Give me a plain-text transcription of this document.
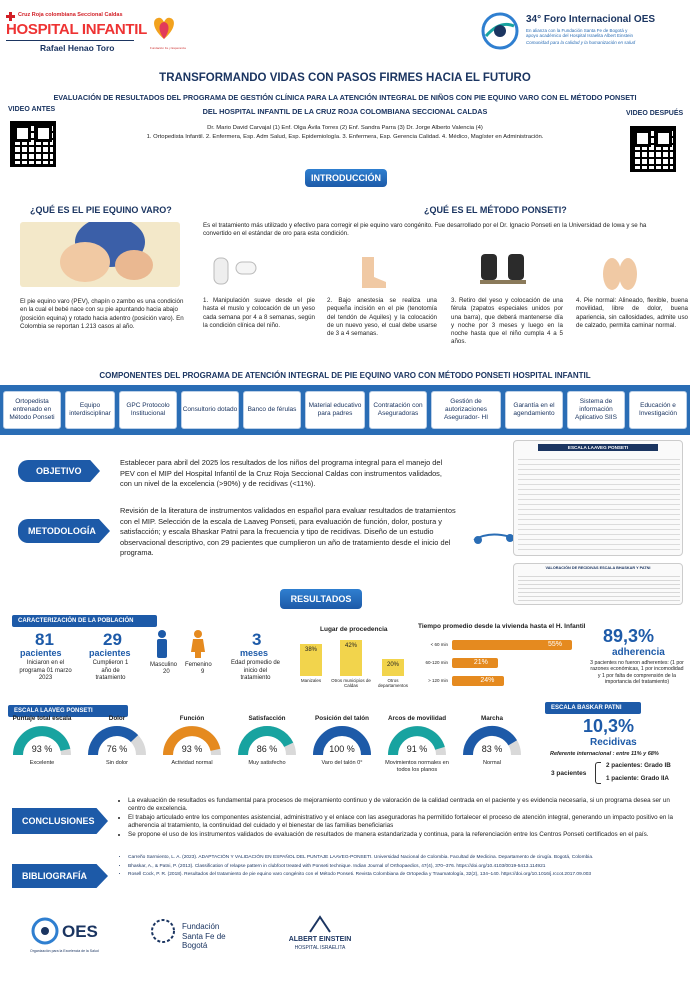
Cruz Roja colombiana Seccional Caldas
HOSPITAL INFANTIL
Rafael Henao Toro	Fundación Fe y Esperanza
34° Foro Internacional OES
En alianza con la Fundación Santa Fe de Bogotá y
apoyo académico del Hospital Israelita Albert Einstein
Comunidad para la calidad y la humanización en salud
TRANSFORMANDO VIDAS CON PASOS FIRMES HACIA EL FUTURO
EVALUACIÓN DE RESULTADOS DEL PROGRAMA DE GESTIÓN CLÍNICA PARA LA ATENCIÓN INTEGRAL DE NIÑOS CON PIE EQUINO VARO CON EL MÉTODO PONSETI
DEL HOSPITAL INFANTIL DE LA CRUZ ROJA COLOMBIANA SECCIONAL CALDAS
Dr. Mario David Carvajal (1) Enf. Olga Ávila Torres (2) Enf. Sandra Parra (3) Dr. Jorge Alberto Valencia (4)
1. Ortopedista Infantil. 2. Enfermera, Esp. Adm Salud, Esp. Epidemiología. 3. Enfermera, Esp. Gerencia Calidad. 4. Médico, Magíster en Administración.
VIDEO ANTES
VIDEO DESPUÉS
INTRODUCCIÓN
¿QUÉ ES EL PIE EQUINO VARO?
El pie equino varo (PEV), chapín o zambo es una condición en la cual el bebé nace con su pie apuntando hacia abajo (posición equina) y rotado hacia adentro (posición varo). En Colombia se reportan 1.213 casos al año.
¿QUÉ ES EL MÉTODO PONSETI?
Es el tratamiento más utilizado y efectivo para corregir el pie equino varo congénito. Fue desarrollado por el Dr. Ignacio Ponseti en la Universidad de Iowa y se ha convertido en el estándar de oro para esta condición.
1. Manipulación suave desde el pie hasta el muslo y colocación de un yeso cada semana por 4 a 8 semanas, según la condición clínica del niño.
2. Bajo anestesia se realiza una pequeña incisión en el pie (tenotomía del tendón de Aquiles) y la colocación de un nuevo yeso, el cual debe usarse de 3 a 4 semanas.
3. Retiro del yeso y colocación de una férula (zapatos especiales unidos por una barra), que deberá mantenerse día y noche por 3 meses y luego en la noche hasta que el niño cumpla 4 a 5 años.
4. Pie normal: Alineado, flexible, buena movilidad, libre de dolor, buena apariencia, sin callosidades, admite uso de calzado, permita caminar normal.
COMPONENTES DEL PROGRAMA DE ATENCIÓN INTEGRAL DE PIE EQUINO VARO CON MÉTODO PONSETI HOSPITAL INFANTIL
Ortopedista entrenado en Método Ponseti
Equipo interdisciplinar
GPC Protocolo Institucional
Consultorio dotado	Banco de férulas
Material educativo para padres
Contratación con Aseguradoras
Gestión de autorizaciones Asegurador- HI
Garantía en el agendamiento
Sistema de información Aplicativo SIIS
Educación e Investigación
OBJETIVO
Establecer para abril del 2025 los resultados de los niños del programa integral para el manejo del PEV con el MIP del Hospital Infantil de la Cruz Roja Seccional Caldas con instrumentos validados, con un nivel de la excelencia (>90%) y de recidivas (<11%).
METODOLOGÍA
Revisión de la literatura de instrumentos validados en español para evaluar resultados de tratamientos con el MIP. Selección de la escala de Laaveg Ponseti, para evaluación de función, dolor, postura y satisfacción; y escala Bhaskar Patni para la frecuencia y tipo de recidivas. Diseño de un estudio observacional descriptivo, con 29 pacientes que cumplieron un año de tratamiento desde el inicio del programa.
ESCALA LAAVEG PONSETI
VALORACIÓN DE RECIDIVAS ESCALA BHASKAR Y PATNI
RESULTADOS
CARACTERIZACIÓN DE LA POBLACIÓN
81
pacientes
Iniciaron en el programa 01 marzo 2023
29
pacientes
Cumplieron 1 año de tratamiento
Masculino
20
Femenino
9
3
meses
Edad promedio de inicio del tratamiento
Lugar de procedencia
38%
Manizales
42%
Otros municipios de Caldas
20%
Otros departamentos
Tiempo promedio desde la vivienda hasta el H. Infantil
< 60 min	55%
60-120 min	21%
> 120 min	24%
89,3%
adherencia
3 pacientes no fueron adherentes: (1 por razones económicas, 1 por incomodidad y 1 por falta de comprensión de la importancia del tratamiento)
ESCALA LAAVEG PONSETI
Puntaje total escala
93 %
Excelente
Dolor
76 %
Sin dolor
Función
93 %
Actividad normal
Satisfacción
86 %
Muy satisfecho
Posición del talón
100 %
Varo del talón 0°
Arcos de movilidad
91 %
Movimientos normales en todos los planos
Marcha
83 %
Normal
ESCALA BASKAR PATNI
10,3%
Recidivas
Referente internacional : entre 11% y 68%
3 pacientes
2 pacientes: Grado IB
1 paciente: Grado IIA
CONCLUSIONES
• La evaluación de resultados es fundamental para procesos de mejoramiento continuo y de valoración de la calidad centrada en el paciente y es evidencia necesaria, si un programa desea ser un centro de excelencia.
• El trabajo articulado entre los componentes asistencial, administrativo y el enlace con las aseguradoras ha permitido fortalecer el proceso de atención integral, generando un impacto positivo en la adherencia al tratamiento, la continuidad del cuidado y el bienestar de las familias beneficiarias
• Se propone el uso de los instrumentos validados de evaluación de resultados de manera estandarizada y continua, para la referenciación entre los Centros Ponseti certificados en el país.
BIBLIOGRAFÍA
• Carreño Sarmiento, L. A. (2023). ADAPTACIÓN Y VALIDACIÓN EN ESPAÑOL DEL PUNTAJE LAAVEG-PONSETI. Universidad Nacional de Colombia. Facultad de Medicina. Departamento de cirugía. Bogotá, Colombia.
• Bhaskar, A., & Patni, P. (2013). Classification of relapse pattern in clubfoot treated with Ponseti technique. Indian Journal of Orthopaedics, 47(4), 370–376. https://doi.org/10.4103/0019-5413.114921
• Rosell Cock, P. R. (2018). Resultados del tratamiento de pie equino varo congénito con el Método Ponseti. Revista Colombiana de Ortopedia y Traumatología, 32(2), 134–140. https://doi.org/10.1016/j.rccot.2017.09.003
OES
Organización para la Excelencia de la Salud
Fundación
Santa Fe de Bogotá
ALBERT EINSTEIN
HOSPITAL ISRAELITA
